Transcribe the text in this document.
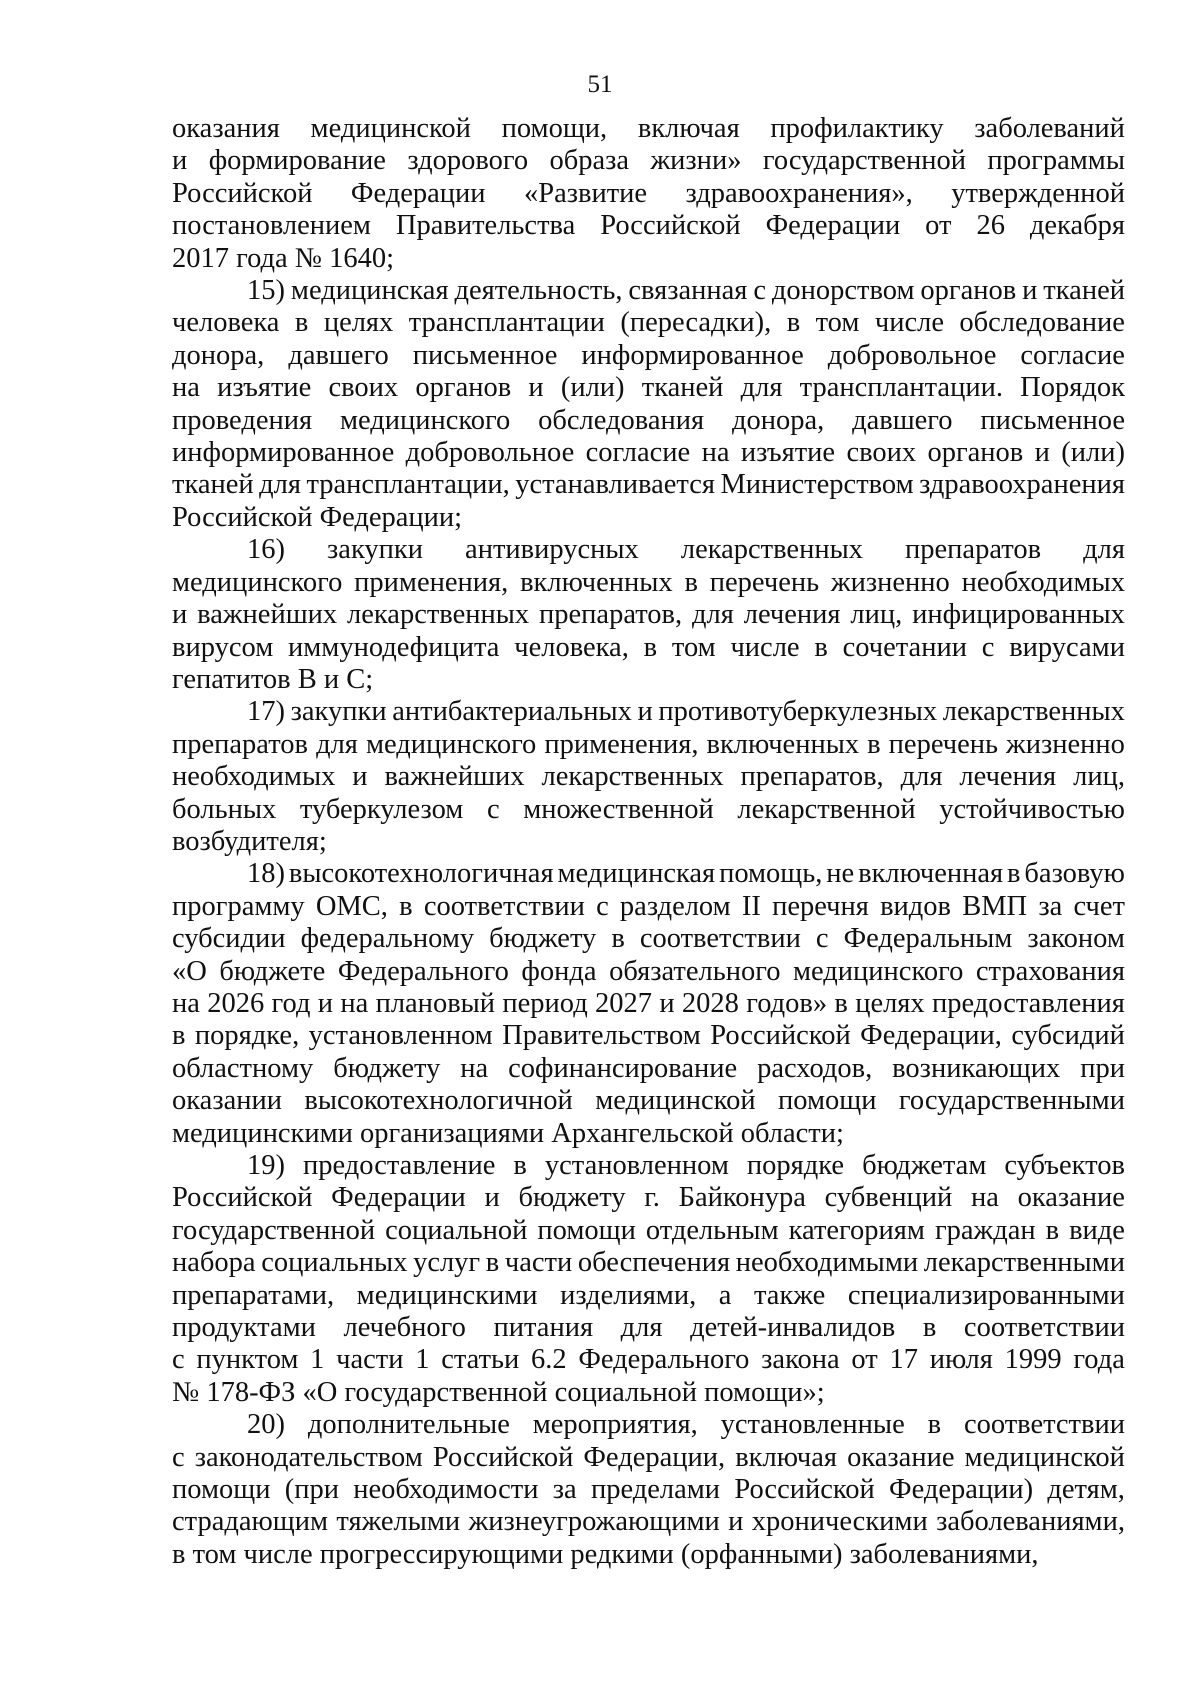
51
оказания медицинской помощи, включая профилактику заболеваний
и формирование здорового образа жизни» государственной программы
Российской Федерации «Развитие здравоохранения», утвержденной
постановлением Правительства Российской Федерации от 26 декабря
2017 года № 1640;
15) медицинская деятельность, связанная с донорством органов и тканей
человека в целях трансплантации (пересадки), в том числе обследование
донора, давшего письменное информированное добровольное согласие
на изъятие своих органов и (или) тканей для трансплантации. Порядок
проведения медицинского обследования донора, давшего письменное
информированное добровольное согласие на изъятие своих органов и (или)
тканей для трансплантации, устанавливается Министерством здравоохранения
Российской Федерации;
16) закупки антивирусных лекарственных препаратов для
медицинского применения, включенных в перечень жизненно необходимых
и важнейших лекарственных препаратов, для лечения лиц, инфицированных
вирусом иммунодефицита человека, в том числе в сочетании с вирусами
гепатитов B и C;
17) закупки антибактериальных и противотуберкулезных лекарственных
препаратов для медицинского применения, включенных в перечень жизненно
необходимых и важнейших лекарственных препаратов, для лечения лиц,
больных туберкулезом с множественной лекарственной устойчивостью
возбудителя;
18) высокотехнологичная медицинская помощь, не включенная в базовую
программу ОМС, в соответствии с разделом II перечня видов ВМП за счет
субсидии федеральному бюджету в соответствии с Федеральным законом
«О бюджете Федерального фонда обязательного медицинского страхования
на 2026 год и на плановый период 2027 и 2028 годов» в целях предоставления
в порядке, установленном Правительством Российской Федерации, субсидий
областному бюджету на софинансирование расходов, возникающих при
оказании высокотехнологичной медицинской помощи государственными
медицинскими организациями Архангельской области;
19) предоставление в установленном порядке бюджетам субъектов
Российской Федерации и бюджету г. Байконура субвенций на оказание
государственной социальной помощи отдельным категориям граждан в виде
набора социальных услуг в части обеспечения необходимыми лекарственными
препаратами, медицинскими изделиями, а также специализированными
продуктами лечебного питания для детей-инвалидов в соответствии
с пунктом 1 части 1 статьи 6.2 Федерального закона от 17 июля 1999 года
№ 178-ФЗ «О государственной социальной помощи»;
20) дополнительные мероприятия, установленные в соответствии
с законодательством Российской Федерации, включая оказание медицинской
помощи (при необходимости за пределами Российской Федерации) детям,
страдающим тяжелыми жизнеугрожающими и хроническими заболеваниями,
в том числе прогрессирующими редкими (орфанными) заболеваниями,
